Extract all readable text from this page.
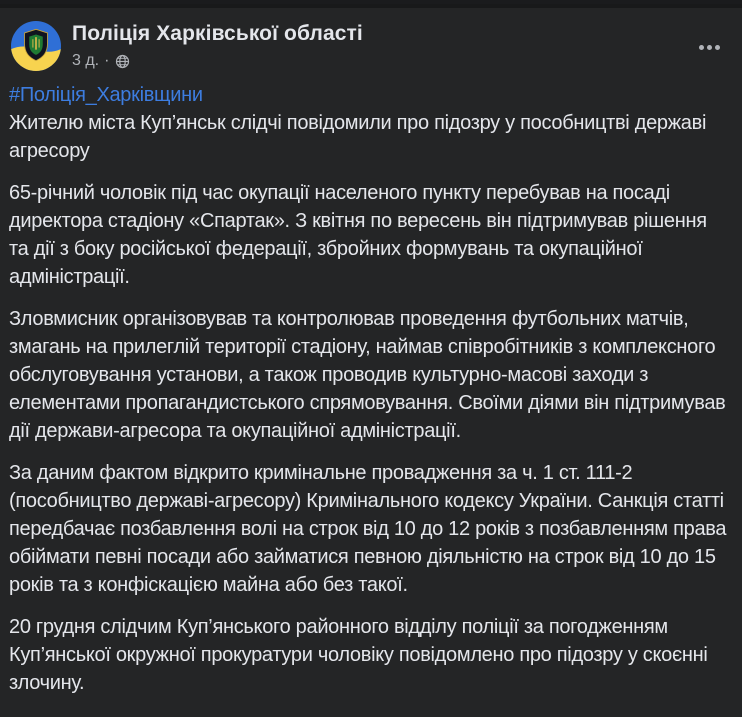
Поліція Харківської області
3 д. ·
#Поліція_Харківщини

Жителю міста Куп’янськ слідчі повідомили про підозру у пособництві державі агресору

65-річний чоловік під час окупації населеного пункту перебував на посаді директора стадіону «Спартак». З квітня по вересень він підтримував рішення та дії з боку російської федерації, збройних формувань та окупаційної адміністрації.

Зловмисник організовував та контролював проведення футбольних матчів, змагань на прилеглій території стадіону, наймав співробітників з комплексного обслуговування установи, а також проводив культурно-масові заходи з елементами пропагандистського спрямовування. Своїми діями він підтримував дії держави-агресора та окупаційної адміністрації.

За даним фактом відкрито кримінальне провадження за ч. 1 ст. 111-2 (пособництво державі-агресору) Кримінального кодексу України. Санкція статті передбачає позбавлення волі на строк від 10 до 12 років з позбавленням права обіймати певні посади або займатися певною діяльністю на строк від 10 до 15 років та з конфіскацією майна або без такої.

20 грудня слідчим Куп’янського районного відділу поліції за погодженням Куп’янської окружної прокуратури чоловіку повідомлено про підозру у скоєнні злочину.
